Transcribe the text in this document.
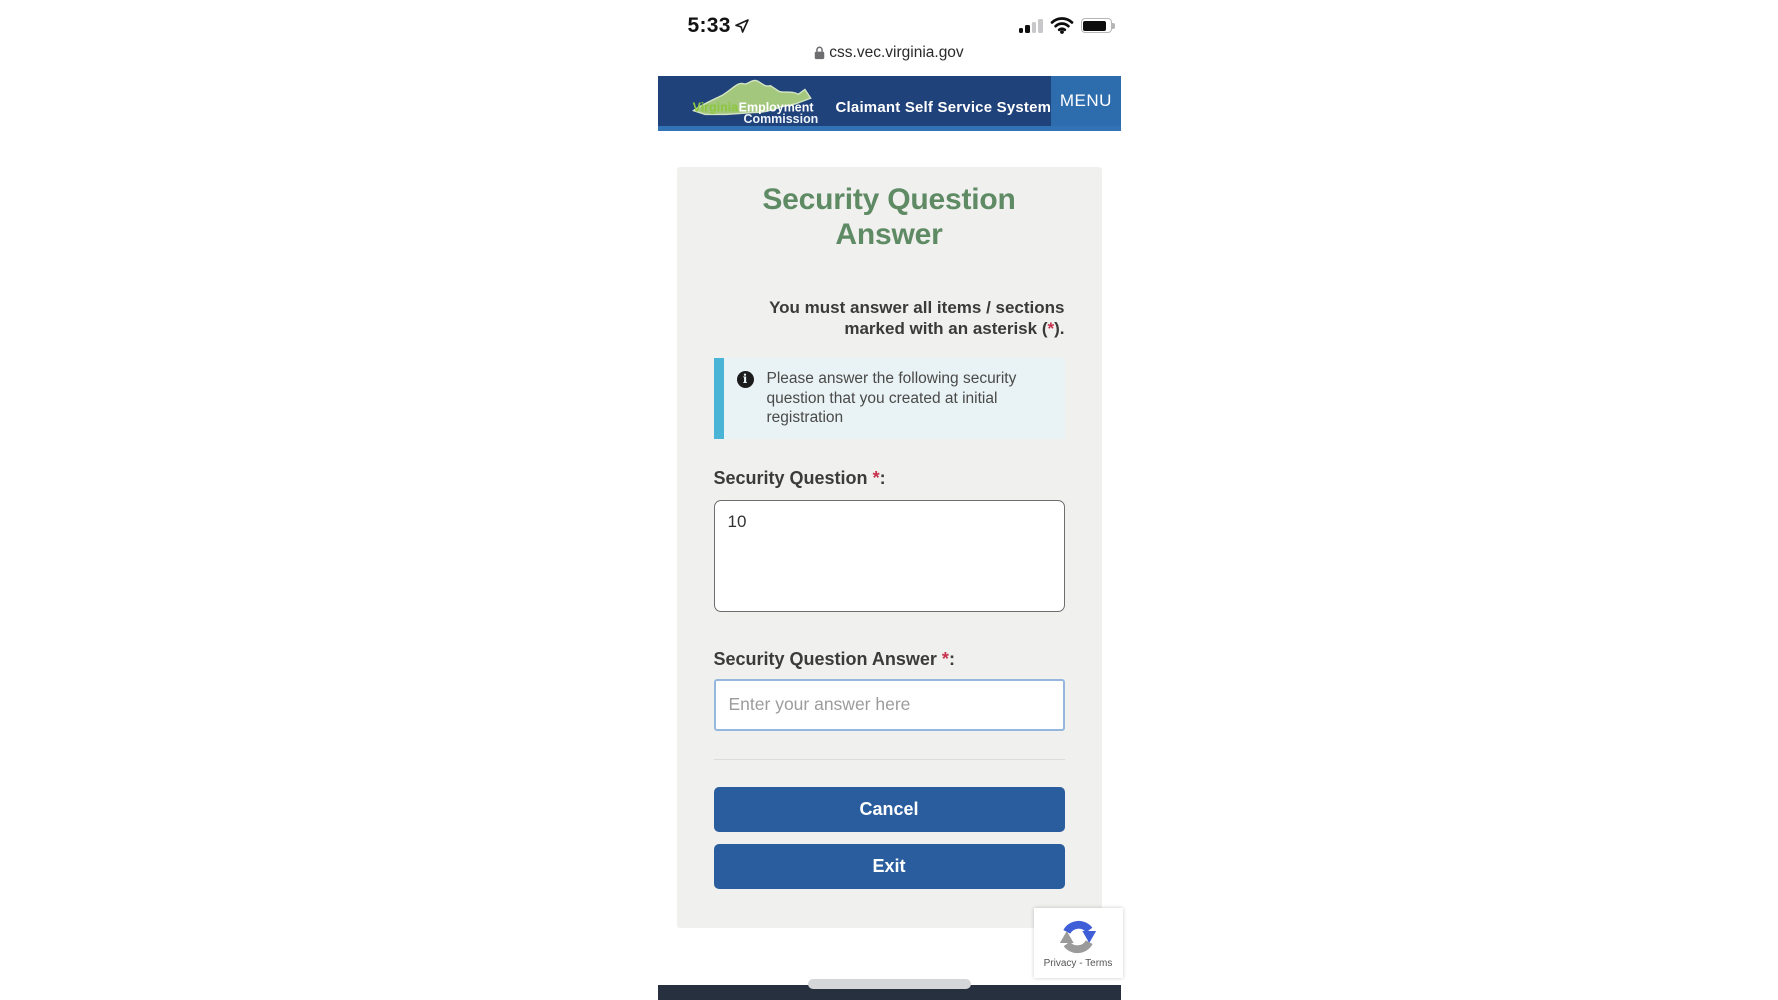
5:33
css.vec.virginia.gov
Virginia Employment
Commission
Claimant Self Service System MENU
Security Question Answer

You must answer all items / sections marked with an asterisk (*).

i	Please answer the following security question that you created at initial registration

Security Question *:
10
Security Question Answer *:
Enter your answer here
Cancel
Exit
Privacy - Terms
